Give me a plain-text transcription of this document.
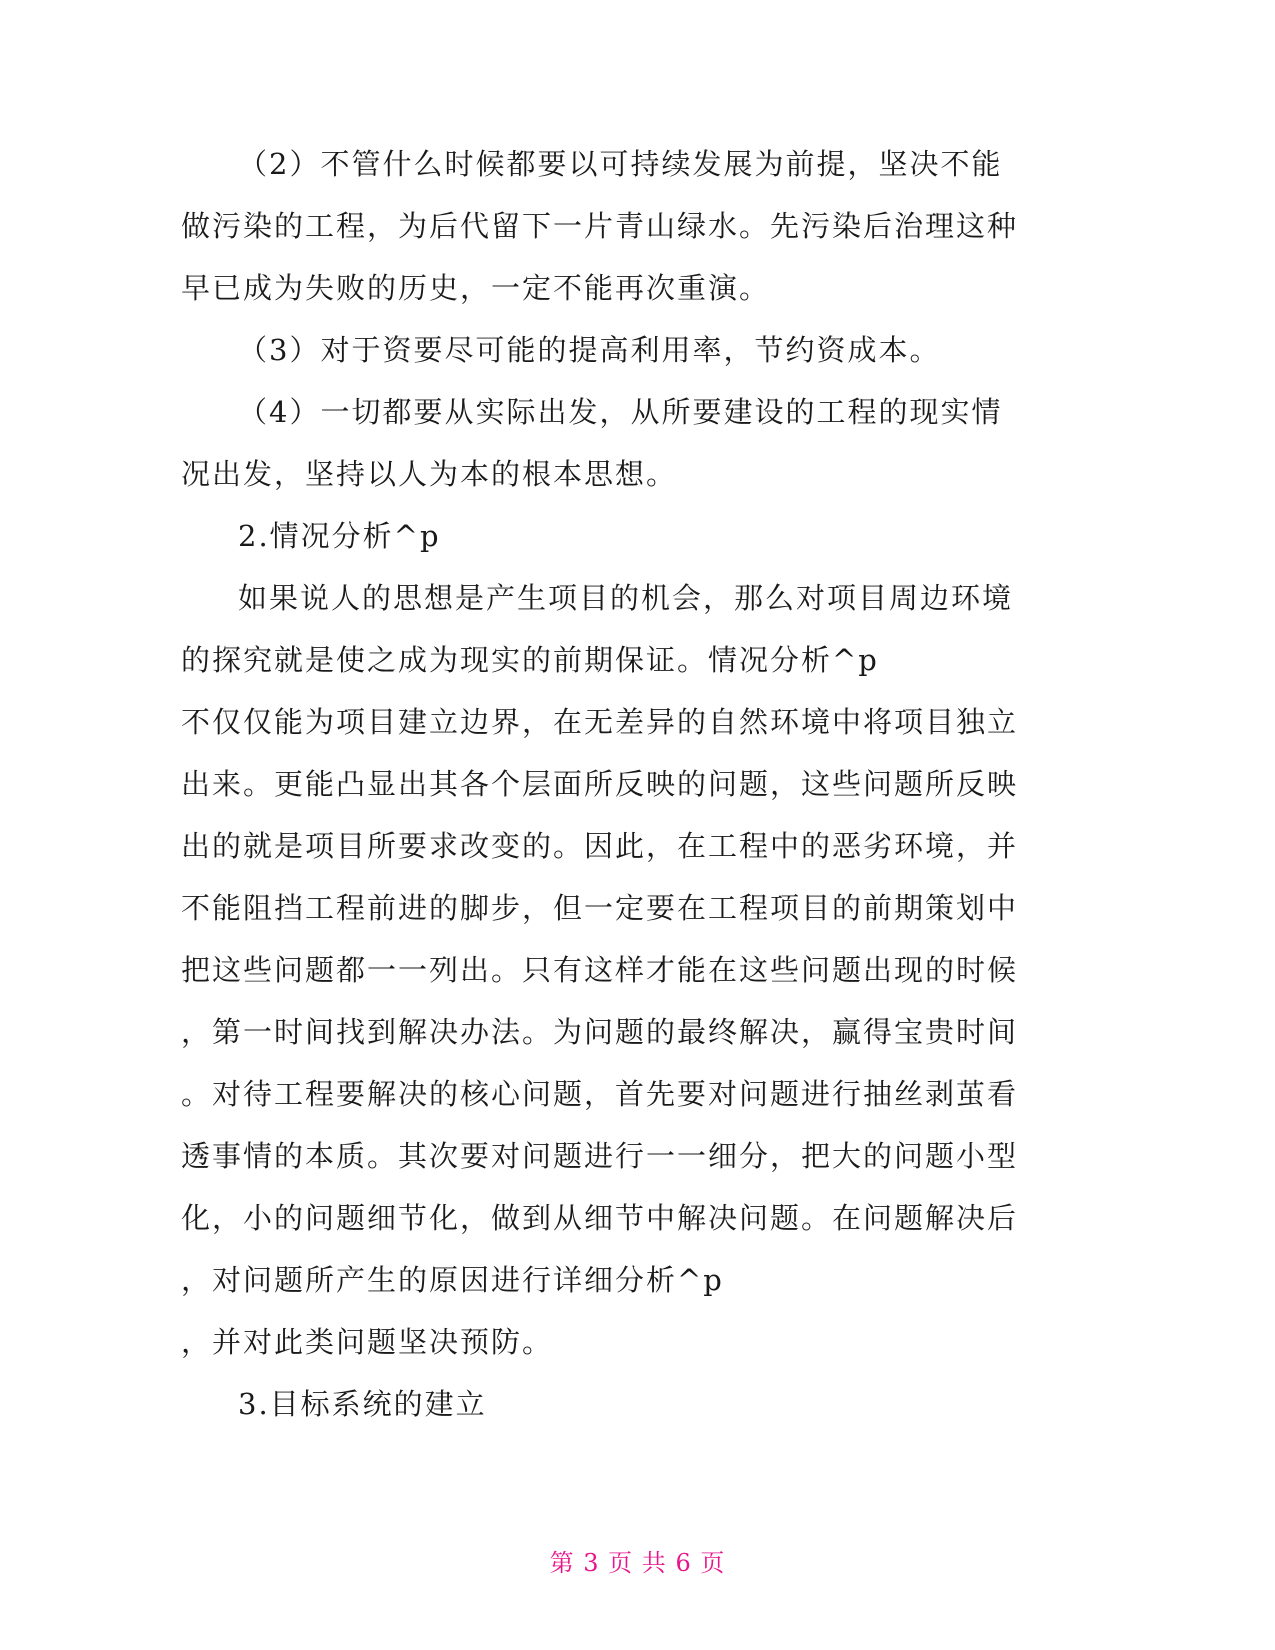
（2）不管什么时候都要以可持续发展为前提，坚决不能
做污染的工程，为后代留下一片青山绿水。先污染后治理这种
早已成为失败的历史，一定不能再次重演。
（3）对于资要尽可能的提高利用率，节约资成本。
（4）一切都要从实际出发，从所要建设的工程的现实情
况出发，坚持以人为本的根本思想。
2.情况分析^p
如果说人的思想是产生项目的机会，那么对项目周边环境
的探究就是使之成为现实的前期保证。情况分析^p
不仅仅能为项目建立边界，在无差异的自然环境中将项目独立
出来。更能凸显出其各个层面所反映的问题，这些问题所反映
出的就是项目所要求改变的。因此，在工程中的恶劣环境，并
不能阻挡工程前进的脚步，但一定要在工程项目的前期策划中
把这些问题都一一列出。只有这样才能在这些问题出现的时候
，第一时间找到解决办法。为问题的最终解决，赢得宝贵时间
。对待工程要解决的核心问题，首先要对问题进行抽丝剥茧看
透事情的本质。其次要对问题进行一一细分，把大的问题小型
化，小的问题细节化，做到从细节中解决问题。在问题解决后
，对问题所产生的原因进行详细分析^p
，并对此类问题坚决预防。
3.目标系统的建立
第 3 页 共 6 页
